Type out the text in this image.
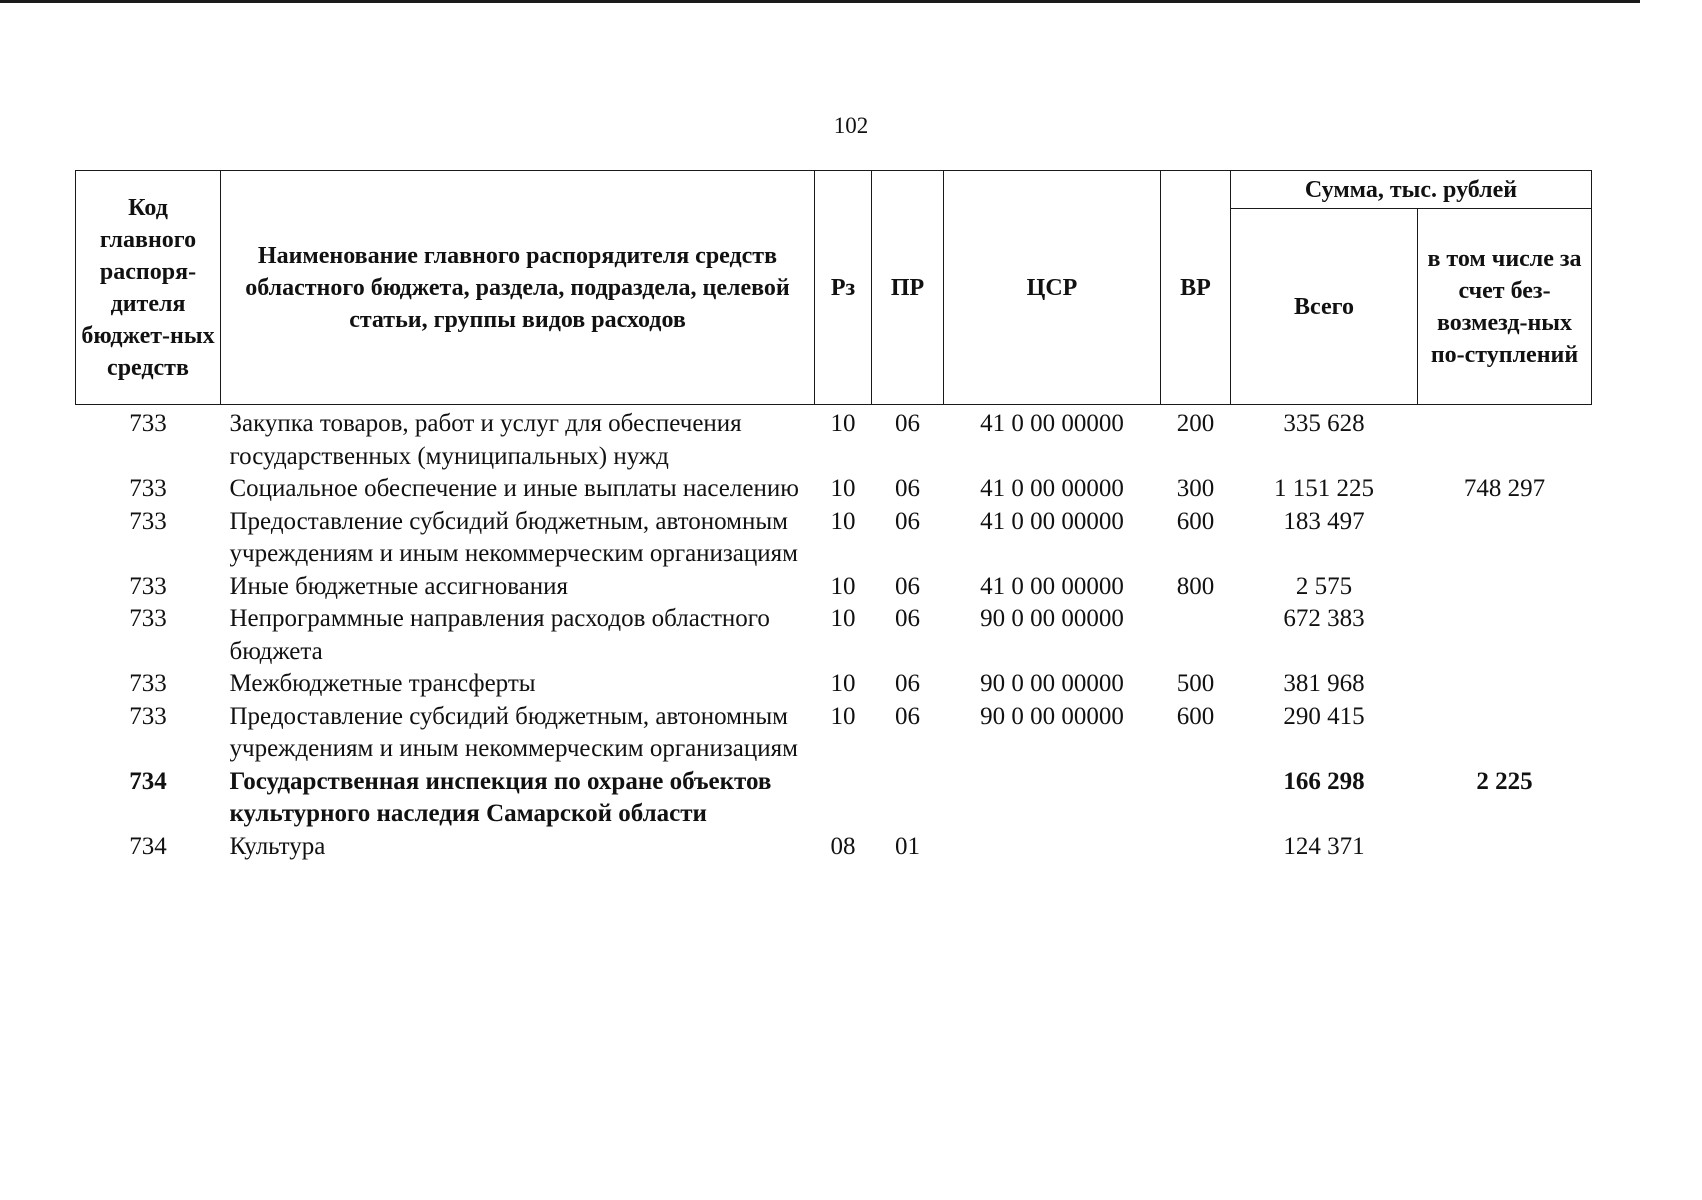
102
Код главного распоря-дителя бюджет-ных средств	Наименование главного распорядителя средств областного бюджета, раздела, подраздела, целевой статьи, группы видов расходов	Рз	ПР	ЦСР	ВР	Сумма, тыс. рублей	
						Всего	в том числе за счет без-возмезд-ных по-ступлений
733	Закупка товаров, работ и услуг для обеспечения государственных (муниципальных) нужд	10	06	41 0 00 00000	200	335 628	
733	Социальное обеспечение и иные выплаты населению	10	06	41 0 00 00000	300	1 151 225	748 297
733	Предоставление субсидий бюджетным, автономным учреждениям и иным некоммерческим организациям	10	06	41 0 00 00000	600	183 497	
733	Иные бюджетные ассигнования	10	06	41 0 00 00000	800	2 575	
733	Непрограммные направления расходов областного бюджета	10	06	90 0 00 00000		672 383	
733	Межбюджетные трансферты	10	06	90 0 00 00000	500	381 968	
733	Предоставление субсидий бюджетным, автономным учреждениям и иным некоммерческим организациям	10	06	90 0 00 00000	600	290 415	
734	Государственная инспекция по охране объектов культурного наследия Самарской области					166 298	2 225
734	Культура	08	01			124 371	
